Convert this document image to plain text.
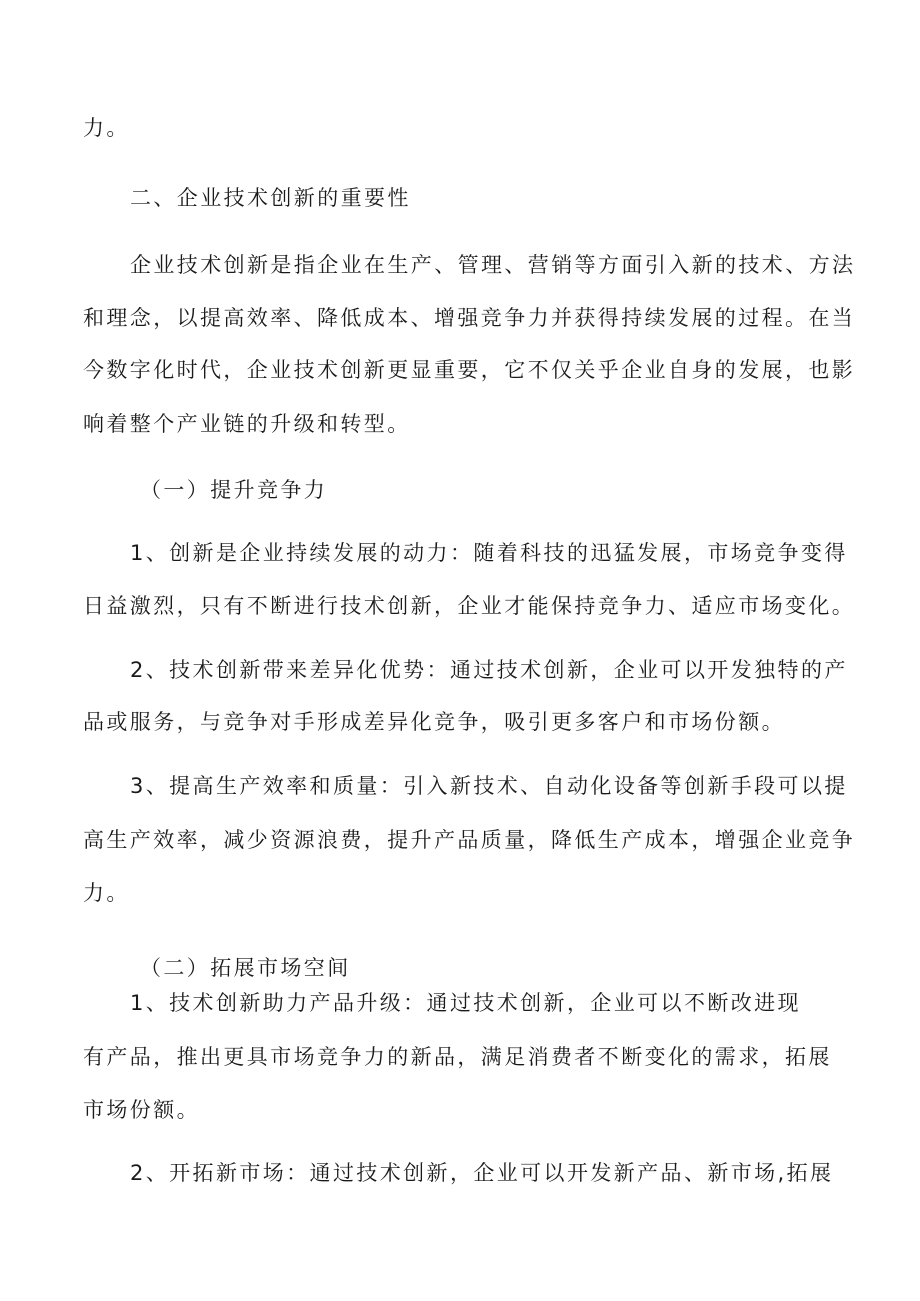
力。
二、企业技术创新的重要性
企业技术创新是指企业在生产、管理、营销等方面引入新的技术、方法
和理念，以提高效率、降低成本、增强竞争力并获得持续发展的过程。在当
今数字化时代，企业技术创新更显重要，它不仅关乎企业自身的发展，也影
响着整个产业链的升级和转型。
（一）提升竞争力
1、创新是企业持续发展的动力：随着科技的迅猛发展，市场竞争变得
日益激烈，只有不断进行技术创新，企业才能保持竞争力、适应市场变化。
2、技术创新带来差异化优势：通过技术创新，企业可以开发独特的产
品或服务，与竞争对手形成差异化竞争，吸引更多客户和市场份额。
3、提高生产效率和质量：引入新技术、自动化设备等创新手段可以提
高生产效率，减少资源浪费，提升产品质量，降低生产成本，增强企业竞争
力。
（二）拓展市场空间
1、技术创新助力产品升级：通过技术创新，企业可以不断改进现
有产品，推出更具市场竞争力的新品，满足消费者不断变化的需求，拓展
市场份额。
2、开拓新市场：通过技术创新，企业可以开发新产品、新市场,拓展
